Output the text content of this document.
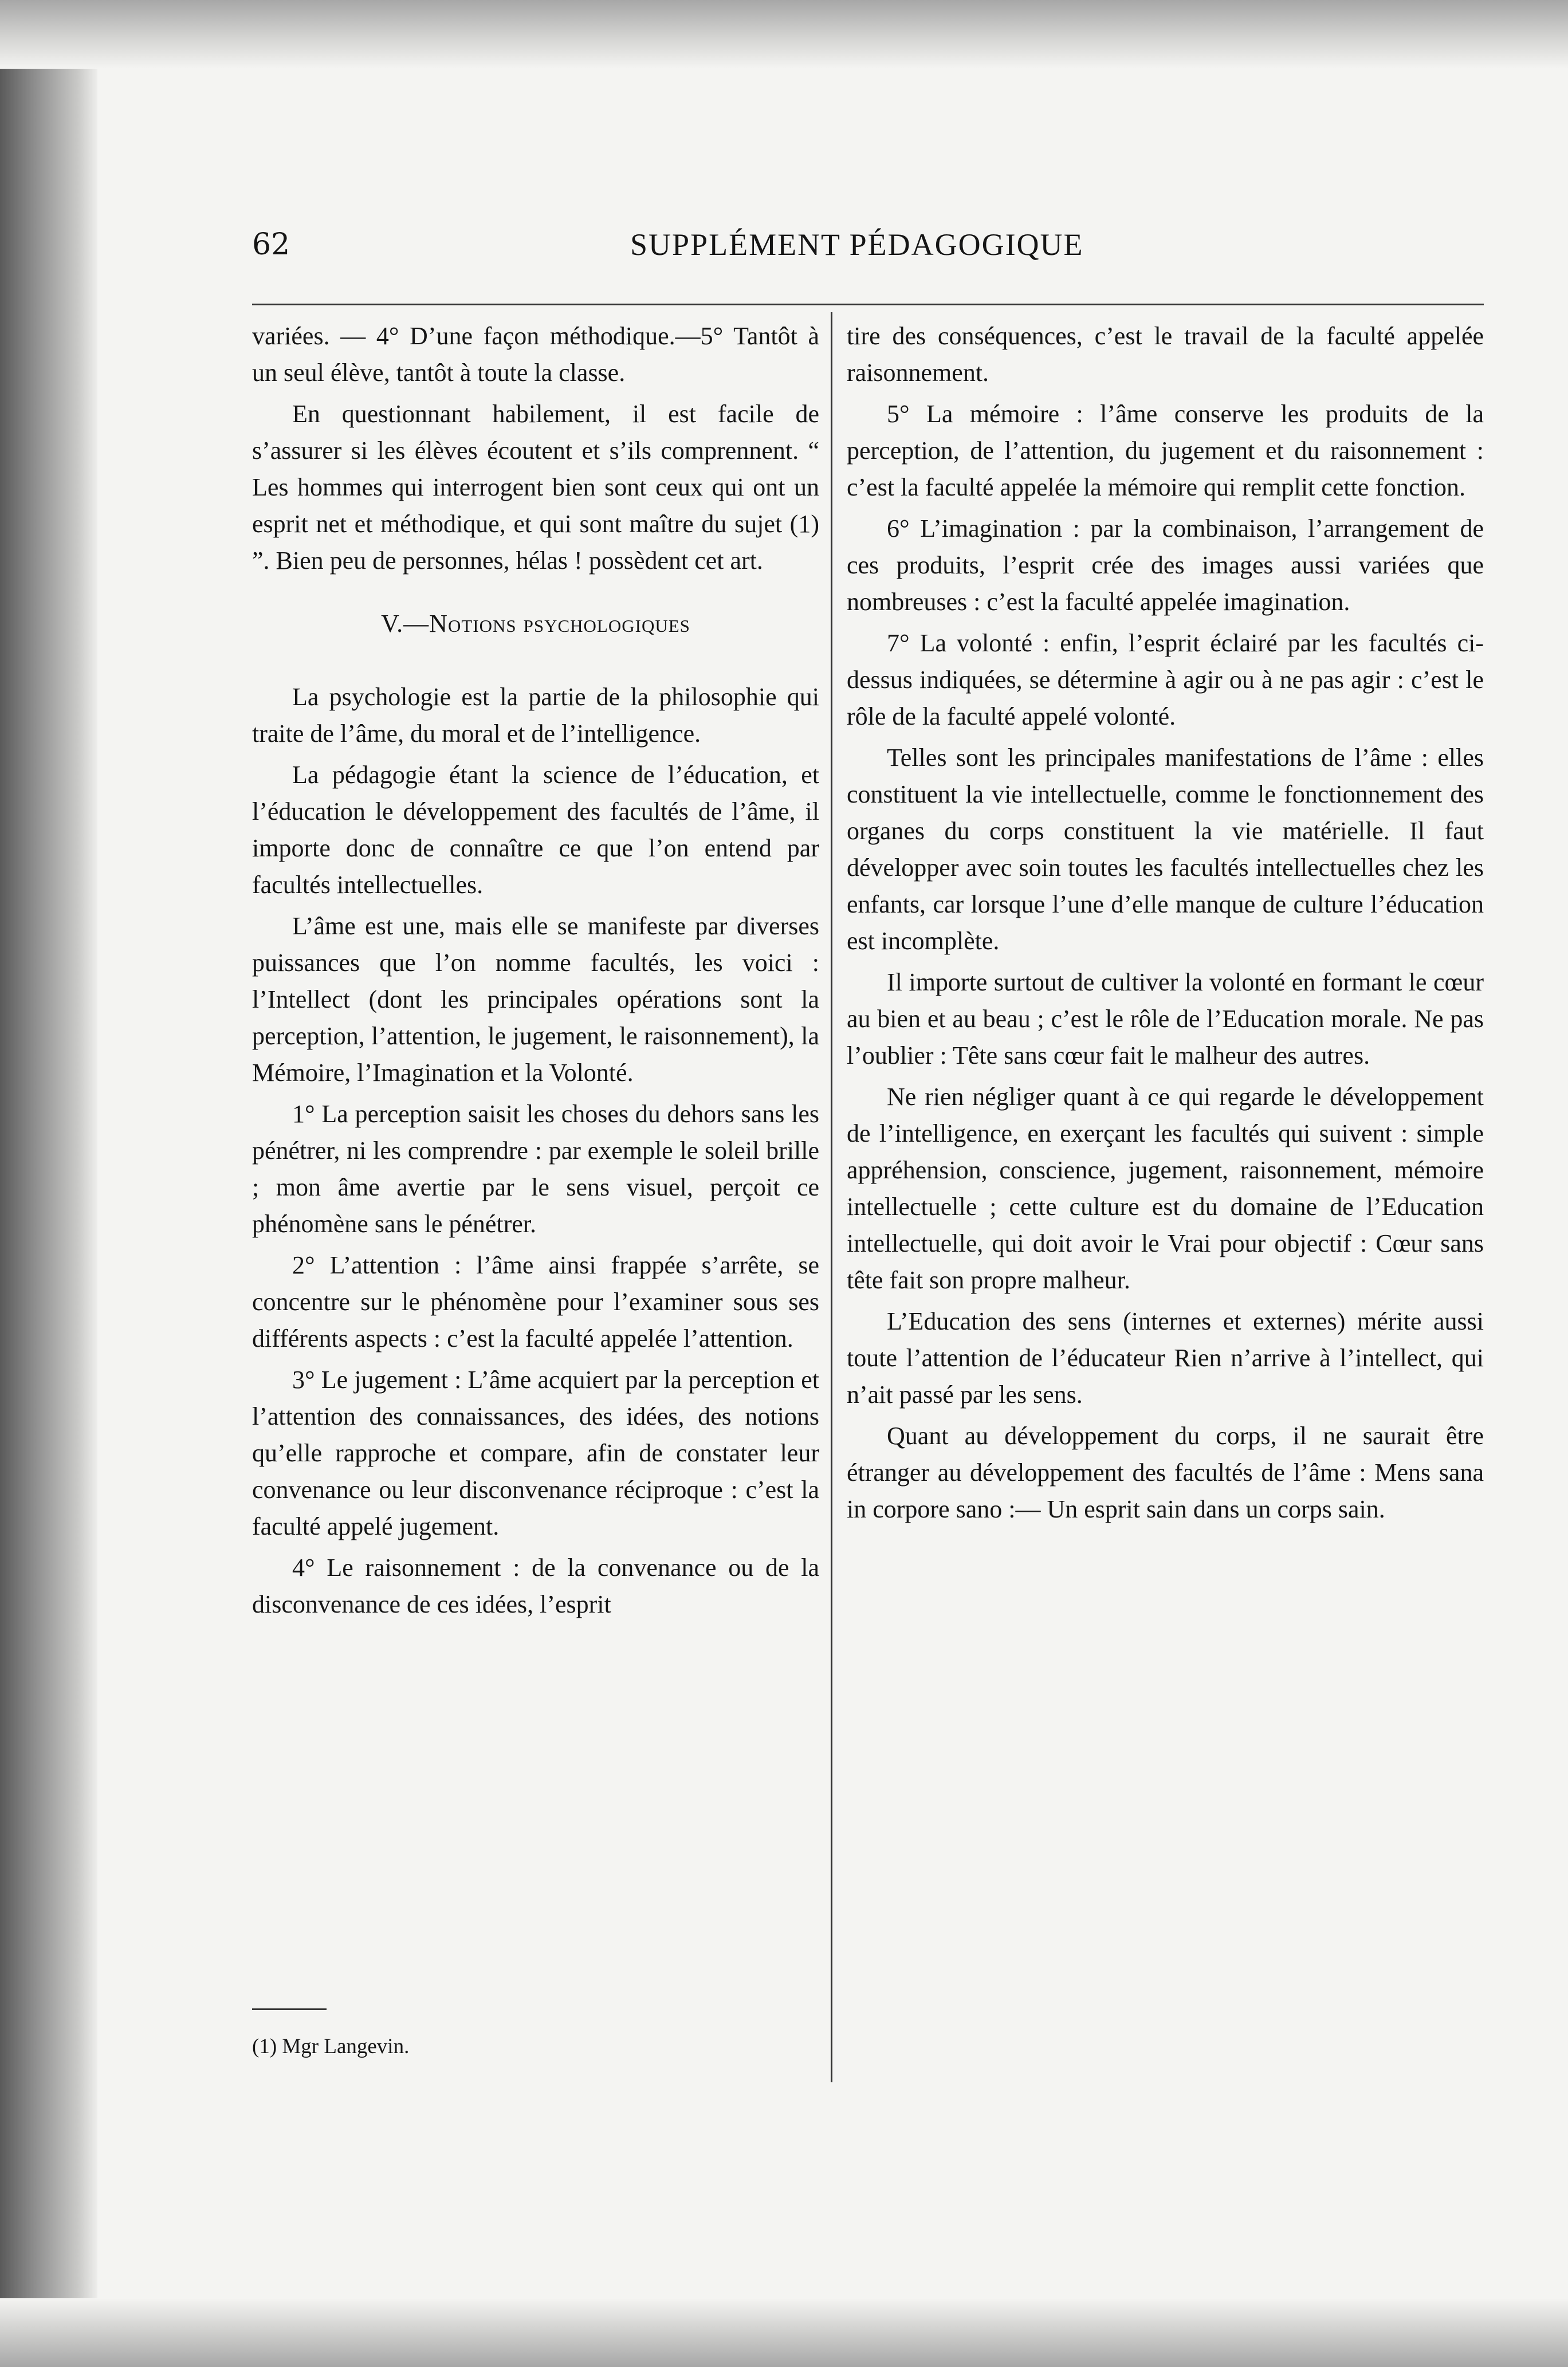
62	SUPPLÉMENT PÉDAGOGIQUE

variées. — 4° D’une façon méthodique.—5° Tantôt à un seul élève, tantôt à toute la classe.

En questionnant habilement, il est facile de s’assurer si les élèves écoutent et s’ils comprennent. “ Les hommes qui interrogent bien sont ceux qui ont un esprit net et méthodique, et qui sont maître du sujet (1) ”. Bien peu de personnes, hélas ! possèdent cet art.

V.—Notions psychologiques

La psychologie est la partie de la philosophie qui traite de l’âme, du moral et de l’intelligence.

La pédagogie étant la science de l’éducation, et l’éducation le développement des facultés de l’âme, il importe donc de connaître ce que l’on entend par facultés intellectuelles.

L’âme est une, mais elle se manifeste par diverses puissances que l’on nomme facultés, les voici : l’Intellect (dont les principales opérations sont la perception, l’attention, le jugement, le raisonnement), la Mémoire, l’Imagination et la Volonté.

1° La perception saisit les choses du dehors sans les pénétrer, ni les comprendre : par exemple le soleil brille ; mon âme avertie par le sens visuel, perçoit ce phénomène sans le pénétrer.

2° L’attention : l’âme ainsi frappée s’arrête, se concentre sur le phénomène pour l’examiner sous ses différents aspects : c’est la faculté appelée l’attention.

3° Le jugement : L’âme acquiert par la perception et l’attention des connaissances, des idées, des notions qu’elle rapproche et compare, afin de constater leur convenance ou leur disconvenance réciproque : c’est la faculté appelé jugement.

4° Le raisonnement : de la convenance ou de la disconvenance de ces idées, l’esprit

(1) Mgr Langevin.

tire des conséquences, c’est le travail de la faculté appelée raisonnement.

5° La mémoire : l’âme conserve les produits de la perception, de l’attention, du jugement et du raisonnement : c’est la faculté appelée la mémoire qui remplit cette fonction.

6° L’imagination : par la combinaison, l’arrangement de ces produits, l’esprit crée des images aussi variées que nombreuses : c’est la faculté appelée imagination.

7° La volonté : enfin, l’esprit éclairé par les facultés ci-dessus indiquées, se détermine à agir ou à ne pas agir : c’est le rôle de la faculté appelé volonté.

Telles sont les principales manifestations de l’âme : elles constituent la vie intellectuelle, comme le fonctionnement des organes du corps constituent la vie matérielle. Il faut développer avec soin toutes les facultés intellectuelles chez les enfants, car lorsque l’une d’elle manque de culture l’éducation est incomplète.

Il importe surtout de cultiver la volonté en formant le cœur au bien et au beau ; c’est le rôle de l’Education morale. Ne pas l’oublier : Tête sans cœur fait le malheur des autres.

Ne rien négliger quant à ce qui regarde le développement de l’intelligence, en exerçant les facultés qui suivent : simple appréhension, conscience, jugement, raisonnement, mémoire intellectuelle ; cette culture est du domaine de l’Education intellectuelle, qui doit avoir le Vrai pour objectif : Cœur sans tête fait son propre malheur.

L’Education des sens (internes et externes) mérite aussi toute l’attention de l’éducateur Rien n’arrive à l’intellect, qui n’ait passé par les sens.

Quant au développement du corps, il ne saurait être étranger au développement des facultés de l’âme : Mens sana in corpore sano :— Un esprit sain dans un corps sain.
